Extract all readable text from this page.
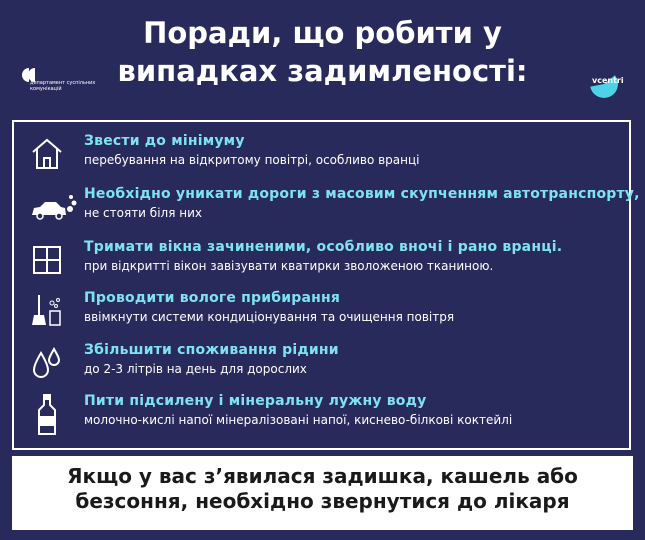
Поради, що робити у випадках задимленості:
департамент суспільних комунікацій
vcentri
Звести до мінімуму
перебування на відкритому повітрі, особливо вранці
Необхідно уникати дороги з масовим скупченням автотранспорту,
не стояти біля них
Тримати вікна зачиненими, особливо вночі і рано вранці.
при відкритті вікон завізувати кватирки зволоженою тканиною.
Проводити вологе прибирання
ввімкнути системи кондиціонування та очищення повітря
Збільшити споживання рідини
до 2-3 літрів на день для дорослих
Пити підсилену і мінеральну лужну воду
молочно-кислі напої мінералізовані напої, кисневo-білкові коктейлі
Якщо у вас з’явилася задишка, кашель або безсоння, необхідно звернутися до лікаря
